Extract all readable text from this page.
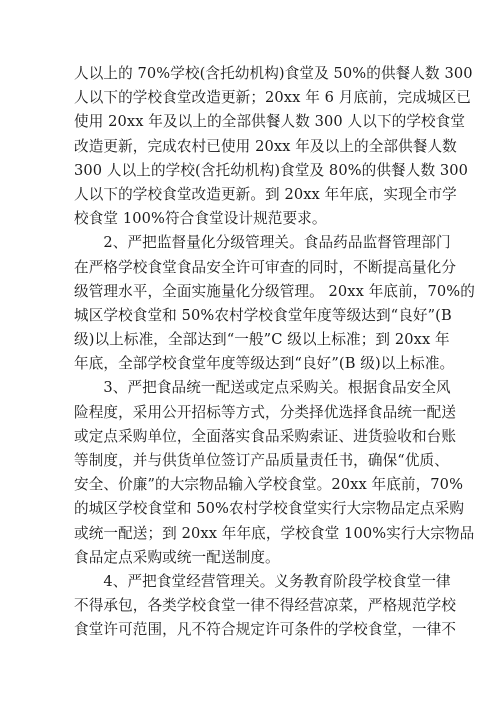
人以上的 70%学校(含托幼机构)食堂及 50%的供餐人数 300
人以下的学校食堂改造更新；20xx 年 6 月底前，完成城区已
使用 20xx 年及以上的全部供餐人数 300 人以下的学校食堂
改造更新，完成农村已使用 20xx 年及以上的全部供餐人数
300 人以上的学校(含托幼机构)食堂及 80%的供餐人数 300
人以下的学校食堂改造更新。到 20xx 年年底，实现全市学
校食堂 100%符合食堂设计规范要求。
　　2、严把监督量化分级管理关。食品药品监督管理部门
在严格学校食堂食品安全许可审查的同时，不断提高量化分
级管理水平，全面实施量化分级管理。 20xx 年底前，70%的
城区学校食堂和 50%农村学校食堂年度等级达到“良好”(B
级)以上标准，全部达到“一般”C 级以上标准；到 20xx 年
年底，全部学校食堂年度等级达到“良好”(B 级)以上标准。
　　3、严把食品统一配送或定点采购关。根据食品安全风
险程度，采用公开招标等方式，分类择优选择食品统一配送
或定点采购单位，全面落实食品采购索证、进货验收和台账
等制度，并与供货单位签订产品质量责任书，确保“优质、
安全、价廉”的大宗物品输入学校食堂。20xx 年底前，70%
的城区学校食堂和 50%农村学校食堂实行大宗物品定点采购
或统一配送；到 20xx 年年底，学校食堂 100%实行大宗物品
食品定点采购或统一配送制度。
　　4、严把食堂经营管理关。义务教育阶段学校食堂一律
不得承包，各类学校食堂一律不得经营凉菜，严格规范学校
食堂许可范围，凡不符合规定许可条件的学校食堂，一律不
